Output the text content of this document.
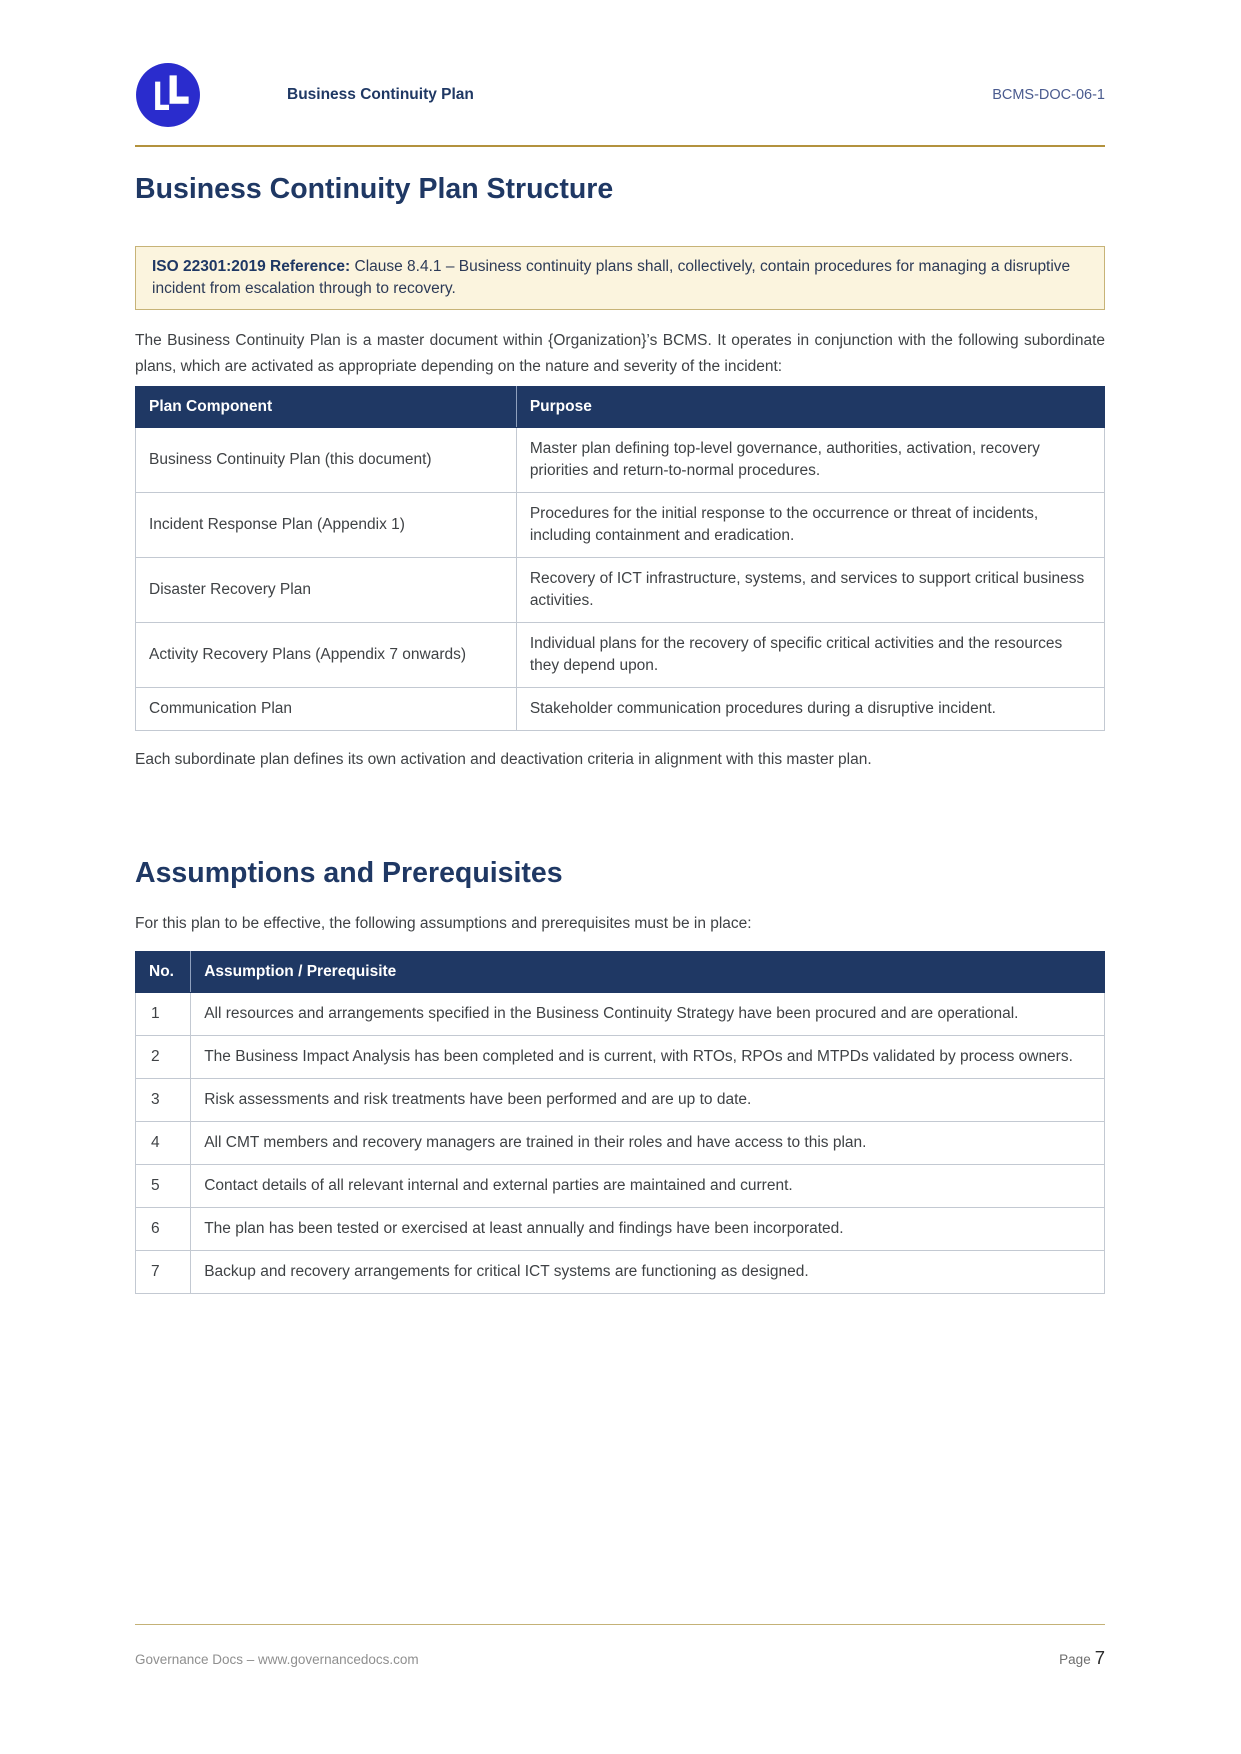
Business Continuity Plan	BCMS-DOC-06-1
Business Continuity Plan Structure
ISO 22301:2019 Reference: Clause 8.4.1 – Business continuity plans shall, collectively, contain procedures for managing a disruptive incident from escalation through to recovery.

The Business Continuity Plan is a master document within {Organization}’s BCMS. It operates in conjunction with the following subordinate plans, which are activated as appropriate depending on the nature and severity of the incident:

Plan Component	Purpose
Business Continuity Plan (this document)	Master plan defining top-level governance, authorities, activation, recovery priorities and return-to-normal procedures.
Incident Response Plan (Appendix 1)	Procedures for the initial response to the occurrence or threat of incidents, including containment and eradication.
Disaster Recovery Plan	Recovery of ICT infrastructure, systems, and services to support critical business activities.
Activity Recovery Plans (Appendix 7 onwards)	Individual plans for the recovery of specific critical activities and the resources they depend upon.
Communication Plan	Stakeholder communication procedures during a disruptive incident.

Each subordinate plan defines its own activation and deactivation criteria in alignment with this master plan.

Assumptions and Prerequisites

For this plan to be effective, the following assumptions and prerequisites must be in place:

No.	Assumption / Prerequisite
1	All resources and arrangements specified in the Business Continuity Strategy have been procured and are operational.
2	The Business Impact Analysis has been completed and is current, with RTOs, RPOs and MTPDs validated by process owners.
3	Risk assessments and risk treatments have been performed and are up to date.
4	All CMT members and recovery managers are trained in their roles and have access to this plan.
5	Contact details of all relevant internal and external parties are maintained and current.
6	The plan has been tested or exercised at least annually and findings have been incorporated.
7	Backup and recovery arrangements for critical ICT systems are functioning as designed.
Governance Docs – www.governancedocs.com	Page 7
